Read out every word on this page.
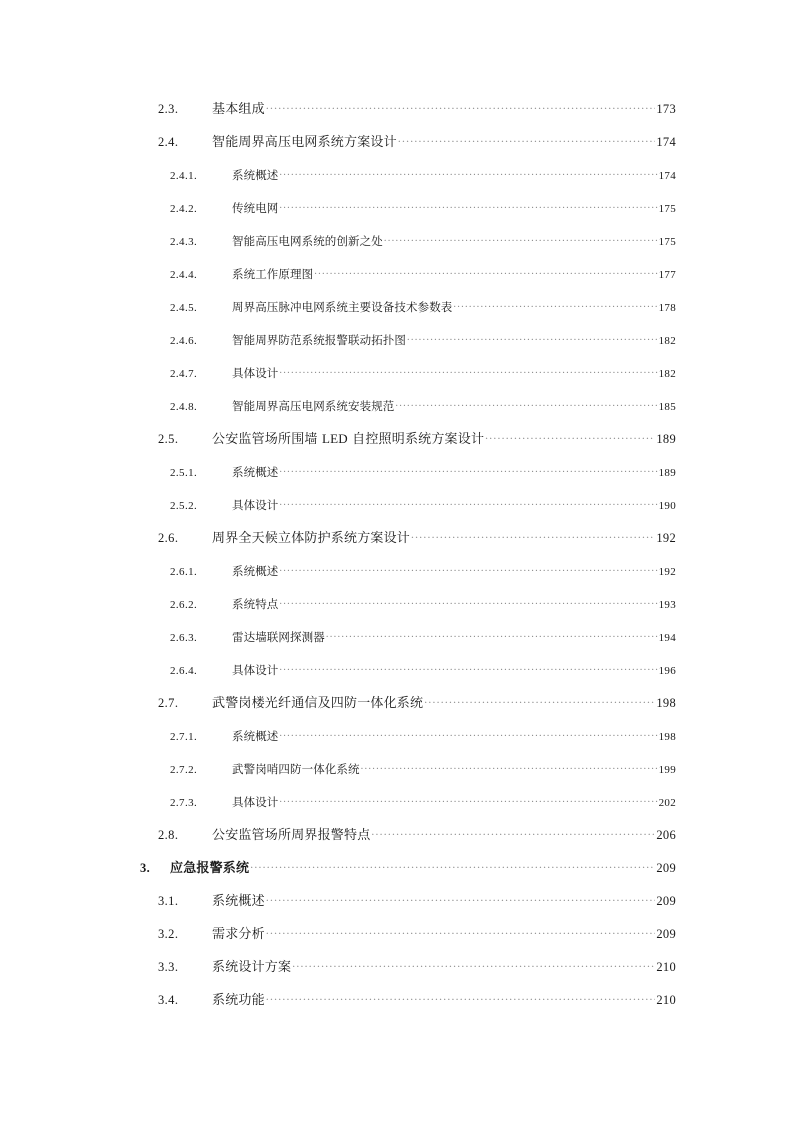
2.3.	基本组成 .....	173
2.4.	智能周界高压电网系统方案设计 .....	174
2.4.1.	系统概述 .....	174
2.4.2.	传统电网 .....	175
2.4.3.	智能高压电网系统的创新之处 .....	175
2.4.4.	系统工作原理图 .....	177
2.4.5.	周界高压脉冲电网系统主要设备技术参数表 .....	178
2.4.6.	智能周界防范系统报警联动拓扑图 .....	182
2.4.7.	具体设计 .....	182
2.4.8.	智能周界高压电网系统安装规范 .....	185
2.5.	公安监管场所围墙 LED 自控照明系统方案设计 .....	189
2.5.1.	系统概述 .....	189
2.5.2.	具体设计 .....	190
2.6.	周界全天候立体防护系统方案设计 .....	192
2.6.1.	系统概述 .....	192
2.6.2.	系统特点 .....	193
2.6.3.	雷达墙联网探测器 .....	194
2.6.4.	具体设计 .....	196
2.7.	武警岗楼光纤通信及四防一体化系统 .....	198
2.7.1.	系统概述 .....	198
2.7.2.	武警岗哨四防一体化系统 .....	199
2.7.3.	具体设计 .....	202
2.8.	公安监管场所周界报警特点 .....	206
3.	应急报警系统 .....	209
3.1.	系统概述 .....	209
3.2.	需求分析 .....	209
3.3.	系统设计方案 .....	210
3.4.	系统功能 .....	210
